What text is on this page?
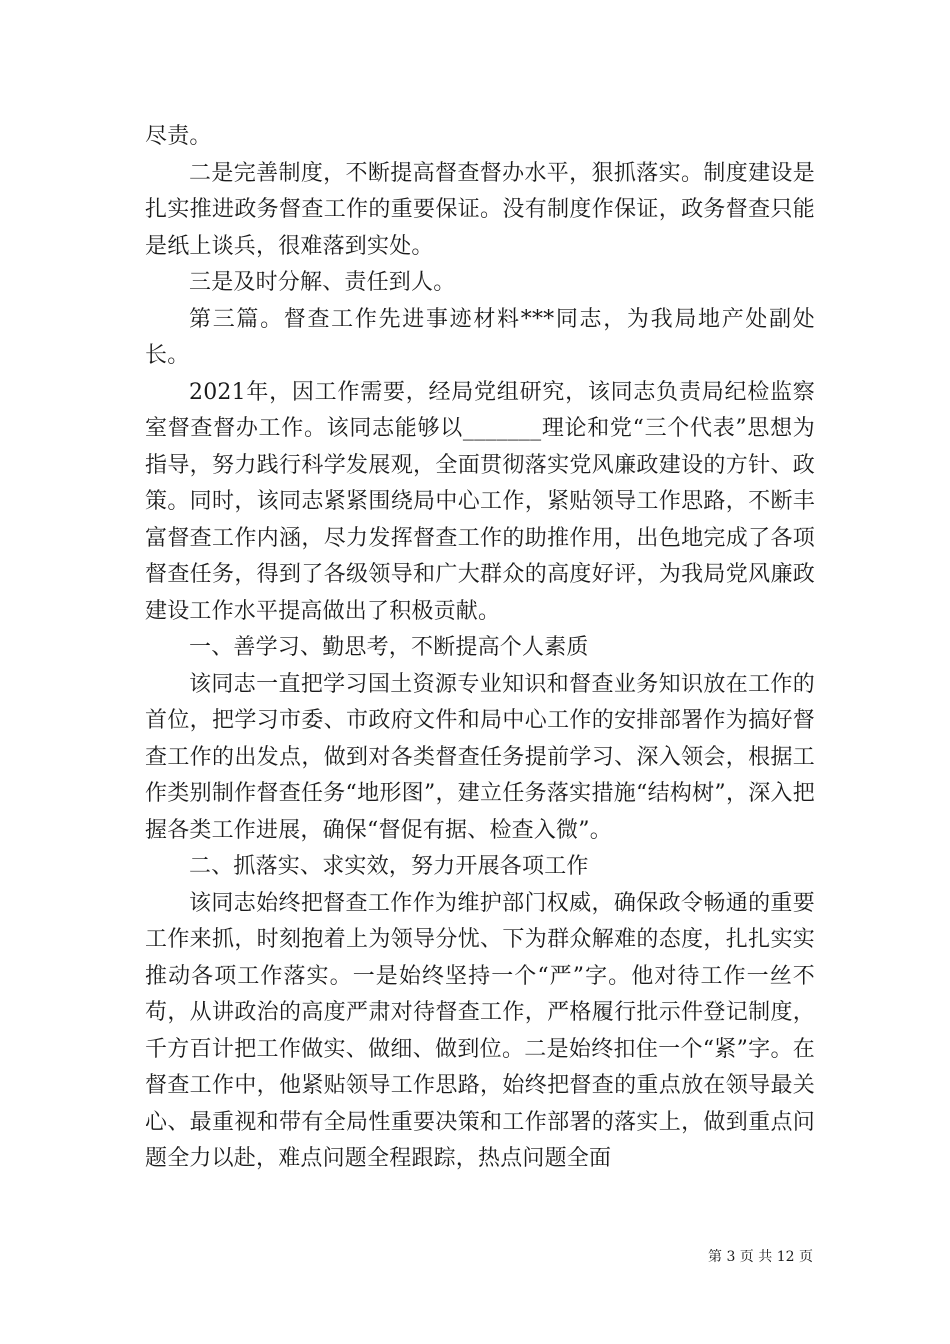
尽责。

二是完善制度，不断提高督查督办水平，狠抓落实。制度建设是扎实推进政务督查工作的重要保证。没有制度作保证，政务督查只能是纸上谈兵，很难落到实处。

三是及时分解、责任到人。

第三篇。督查工作先进事迹材料***同志，为我局地产处副处长。

2021年，因工作需要，经局党组研究，该同志负责局纪检监察室督查督办工作。该同志能够以_______理论和党“三个代表”思想为指导，努力践行科学发展观，全面贯彻落实党风廉政建设的方针、政策。同时，该同志紧紧围绕局中心工作，紧贴领导工作思路，不断丰富督查工作内涵，尽力发挥督查工作的助推作用，出色地完成了各项督查任务，得到了各级领导和广大群众的高度好评，为我局党风廉政建设工作水平提高做出了积极贡献。

一、善学习、勤思考，不断提高个人素质

该同志一直把学习国土资源专业知识和督查业务知识放在工作的首位，把学习市委、市政府文件和局中心工作的安排部署作为搞好督查工作的出发点，做到对各类督查任务提前学习、深入领会，根据工作类别制作督查任务“地形图”，建立任务落实措施“结构树”，深入把握各类工作进展，确保“督促有据、检查入微”。

二、抓落实、求实效，努力开展各项工作

该同志始终把督查工作作为维护部门权威，确保政令畅通的重要工作来抓，时刻抱着上为领导分忧、下为群众解难的态度，扎扎实实推动各项工作落实。一是始终坚持一个“严”字。他对待工作一丝不苟，从讲政治的高度严肃对待督查工作，严格履行批示件登记制度，千方百计把工作做实、做细、做到位。二是始终扣住一个“紧”字。在督查工作中，他紧贴领导工作思路，始终把督查的重点放在领导最关心、最重视和带有全局性重要决策和工作部署的落实上，做到重点问题全力以赴，难点问题全程跟踪，热点问题全面

第 3 页 共 12 页
